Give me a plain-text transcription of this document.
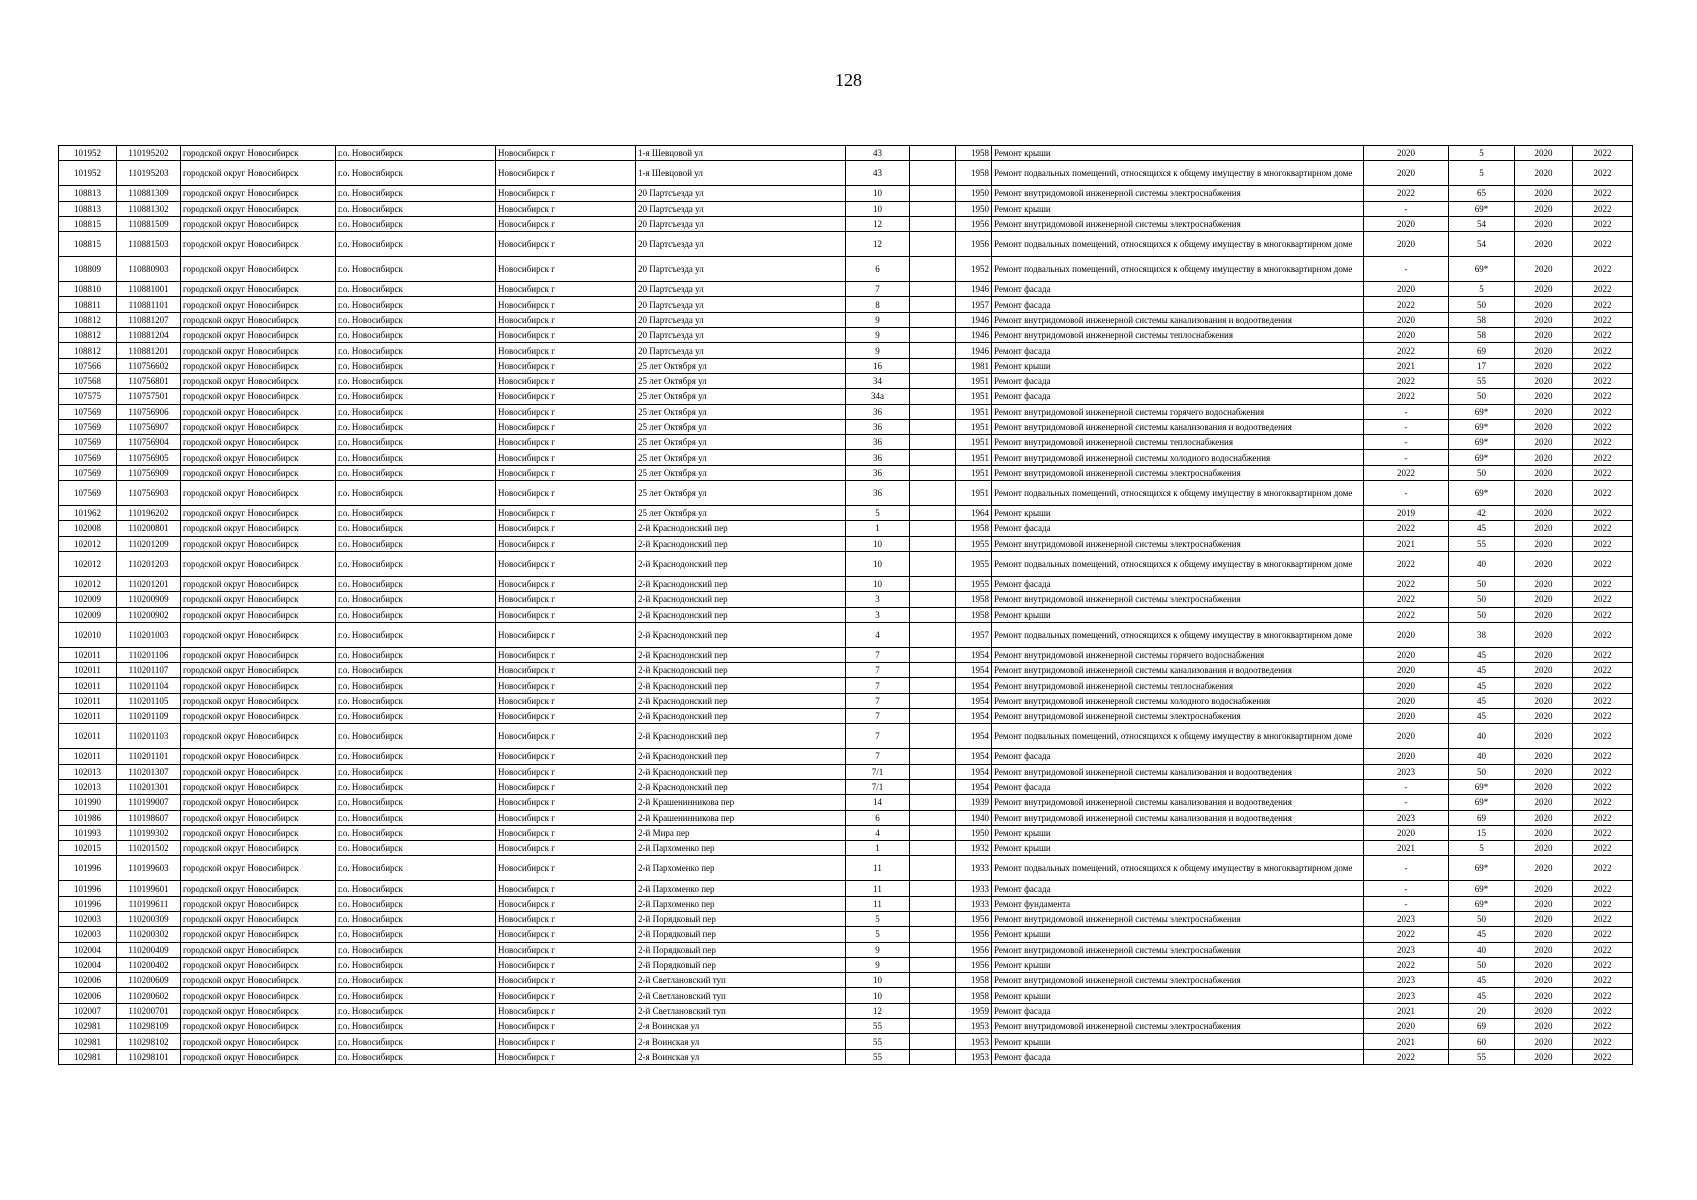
128
101952	110195202	городской округ Новосибирск	г.о. Новосибирск	Новосибирск г	1-я Шевцовой ул	43		1958	Ремонт крыши	2020	5	2020	2022
101952	110195203	городской округ Новосибирск	г.о. Новосибирск	Новосибирск г	1-я Шевцовой ул	43		1958	Ремонт подвальных помещений, относящихся к общему имуществу в многоквартирном доме	2020	5	2020	2022
108813	110881309	городской округ Новосибирск	г.о. Новосибирск	Новосибирск г	20 Партсъезда ул	10		1950	Ремонт внутридомовой инженерной системы электроснабжения	2022	65	2020	2022
108813	110881302	городской округ Новосибирск	г.о. Новосибирск	Новосибирск г	20 Партсъезда ул	10		1950	Ремонт крыши	-	69*	2020	2022
108815	110881509	городской округ Новосибирск	г.о. Новосибирск	Новосибирск г	20 Партсъезда ул	12		1956	Ремонт внутридомовой инженерной системы электроснабжения	2020	54	2020	2022
108815	110881503	городской округ Новосибирск	г.о. Новосибирск	Новосибирск г	20 Партсъезда ул	12		1956	Ремонт подвальных помещений, относящихся к общему имуществу в многоквартирном доме	2020	54	2020	2022
108809	110880903	городской округ Новосибирск	г.о. Новосибирск	Новосибирск г	20 Партсъезда ул	6		1952	Ремонт подвальных помещений, относящихся к общему имуществу в многоквартирном доме	-	69*	2020	2022
108810	110881001	городской округ Новосибирск	г.о. Новосибирск	Новосибирск г	20 Партсъезда ул	7		1946	Ремонт фасада	2020	5	2020	2022
108811	110881101	городской округ Новосибирск	г.о. Новосибирск	Новосибирск г	20 Партсъезда ул	8		1957	Ремонт фасада	2022	50	2020	2022
108812	110881207	городской округ Новосибирск	г.о. Новосибирск	Новосибирск г	20 Партсъезда ул	9		1946	Ремонт внутридомовой инженерной системы канализования и водоотведения	2020	58	2020	2022
108812	110881204	городской округ Новосибирск	г.о. Новосибирск	Новосибирск г	20 Партсъезда ул	9		1946	Ремонт внутридомовой инженерной системы теплоснабжения	2020	58	2020	2022
108812	110881201	городской округ Новосибирск	г.о. Новосибирск	Новосибирск г	20 Партсъезда ул	9		1946	Ремонт фасада	2022	69	2020	2022
107566	110756602	городской округ Новосибирск	г.о. Новосибирск	Новосибирск г	25 лет Октября ул	16		1981	Ремонт крыши	2021	17	2020	2022
107568	110756801	городской округ Новосибирск	г.о. Новосибирск	Новосибирск г	25 лет Октября ул	34		1951	Ремонт фасада	2022	55	2020	2022
107575	110757501	городской округ Новосибирск	г.о. Новосибирск	Новосибирск г	25 лет Октября ул	34а		1951	Ремонт фасада	2022	50	2020	2022
107569	110756906	городской округ Новосибирск	г.о. Новосибирск	Новосибирск г	25 лет Октября ул	36		1951	Ремонт внутридомовой инженерной системы горячего водоснабжения	-	69*	2020	2022
107569	110756907	городской округ Новосибирск	г.о. Новосибирск	Новосибирск г	25 лет Октября ул	36		1951	Ремонт внутридомовой инженерной системы канализования и водоотведения	-	69*	2020	2022
107569	110756904	городской округ Новосибирск	г.о. Новосибирск	Новосибирск г	25 лет Октября ул	36		1951	Ремонт внутридомовой инженерной системы теплоснабжения	-	69*	2020	2022
107569	110756905	городской округ Новосибирск	г.о. Новосибирск	Новосибирск г	25 лет Октября ул	36		1951	Ремонт внутридомовой инженерной системы холодного водоснабжения	-	69*	2020	2022
107569	110756909	городской округ Новосибирск	г.о. Новосибирск	Новосибирск г	25 лет Октября ул	36		1951	Ремонт внутридомовой инженерной системы электроснабжения	2022	50	2020	2022
107569	110756903	городской округ Новосибирск	г.о. Новосибирск	Новосибирск г	25 лет Октября ул	36		1951	Ремонт подвальных помещений, относящихся к общему имуществу в многоквартирном доме	-	69*	2020	2022
101962	110196202	городской округ Новосибирск	г.о. Новосибирск	Новосибирск г	25 лет Октября ул	5		1964	Ремонт крыши	2019	42	2020	2022
102008	110200801	городской округ Новосибирск	г.о. Новосибирск	Новосибирск г	2-й Краснодонский пер	1		1958	Ремонт фасада	2022	45	2020	2022
102012	110201209	городской округ Новосибирск	г.о. Новосибирск	Новосибирск г	2-й Краснодонский пер	10		1955	Ремонт внутридомовой инженерной системы электроснабжения	2021	55	2020	2022
102012	110201203	городской округ Новосибирск	г.о. Новосибирск	Новосибирск г	2-й Краснодонский пер	10		1955	Ремонт подвальных помещений, относящихся к общему имуществу в многоквартирном доме	2022	40	2020	2022
102012	110201201	городской округ Новосибирск	г.о. Новосибирск	Новосибирск г	2-й Краснодонский пер	10		1955	Ремонт фасада	2022	50	2020	2022
102009	110200909	городской округ Новосибирск	г.о. Новосибирск	Новосибирск г	2-й Краснодонский пер	3		1958	Ремонт внутридомовой инженерной системы электроснабжения	2022	50	2020	2022
102009	110200902	городской округ Новосибирск	г.о. Новосибирск	Новосибирск г	2-й Краснодонский пер	3		1958	Ремонт крыши	2022	50	2020	2022
102010	110201003	городской округ Новосибирск	г.о. Новосибирск	Новосибирск г	2-й Краснодонский пер	4		1957	Ремонт подвальных помещений, относящихся к общему имуществу в многоквартирном доме	2020	38	2020	2022
102011	110201106	городской округ Новосибирск	г.о. Новосибирск	Новосибирск г	2-й Краснодонский пер	7		1954	Ремонт внутридомовой инженерной системы горячего водоснабжения	2020	45	2020	2022
102011	110201107	городской округ Новосибирск	г.о. Новосибирск	Новосибирск г	2-й Краснодонский пер	7		1954	Ремонт внутридомовой инженерной системы канализования и водоотведения	2020	45	2020	2022
102011	110201104	городской округ Новосибирск	г.о. Новосибирск	Новосибирск г	2-й Краснодонский пер	7		1954	Ремонт внутридомовой инженерной системы теплоснабжения	2020	45	2020	2022
102011	110201105	городской округ Новосибирск	г.о. Новосибирск	Новосибирск г	2-й Краснодонский пер	7		1954	Ремонт внутридомовой инженерной системы холодного водоснабжения	2020	45	2020	2022
102011	110201109	городской округ Новосибирск	г.о. Новосибирск	Новосибирск г	2-й Краснодонский пер	7		1954	Ремонт внутридомовой инженерной системы электроснабжения	2020	45	2020	2022
102011	110201103	городской округ Новосибирск	г.о. Новосибирск	Новосибирск г	2-й Краснодонский пер	7		1954	Ремонт подвальных помещений, относящихся к общему имуществу в многоквартирном доме	2020	40	2020	2022
102011	110201101	городской округ Новосибирск	г.о. Новосибирск	Новосибирск г	2-й Краснодонский пер	7		1954	Ремонт фасада	2020	40	2020	2022
102013	110201307	городской округ Новосибирск	г.о. Новосибирск	Новосибирск г	2-й Краснодонский пер	7/1		1954	Ремонт внутридомовой инженерной системы канализования и водоотведения	2023	50	2020	2022
102013	110201301	городской округ Новосибирск	г.о. Новосибирск	Новосибирск г	2-й Краснодонский пер	7/1		1954	Ремонт фасада	-	69*	2020	2022
101990	110199007	городской округ Новосибирск	г.о. Новосибирск	Новосибирск г	2-й Крашенинникова пер	14		1939	Ремонт внутридомовой инженерной системы канализования и водоотведения	-	69*	2020	2022
101986	110198607	городской округ Новосибирск	г.о. Новосибирск	Новосибирск г	2-й Крашенинникова пер	6		1940	Ремонт внутридомовой инженерной системы канализования и водоотведения	2023	69	2020	2022
101993	110199302	городской округ Новосибирск	г.о. Новосибирск	Новосибирск г	2-й Мира пер	4		1950	Ремонт крыши	2020	15	2020	2022
102015	110201502	городской округ Новосибирск	г.о. Новосибирск	Новосибирск г	2-й Пархоменко пер	1		1932	Ремонт крыши	2021	5	2020	2022
101996	110199603	городской округ Новосибирск	г.о. Новосибирск	Новосибирск г	2-й Пархоменко пер	11		1933	Ремонт подвальных помещений, относящихся к общему имуществу в многоквартирном доме	-	69*	2020	2022
101996	110199601	городской округ Новосибирск	г.о. Новосибирск	Новосибирск г	2-й Пархоменко пер	11		1933	Ремонт фасада	-	69*	2020	2022
101996	110199611	городской округ Новосибирск	г.о. Новосибирск	Новосибирск г	2-й Пархоменко пер	11		1933	Ремонт фундамента	-	69*	2020	2022
102003	110200309	городской округ Новосибирск	г.о. Новосибирск	Новосибирск г	2-й Порядковый пер	5		1956	Ремонт внутридомовой инженерной системы электроснабжения	2023	50	2020	2022
102003	110200302	городской округ Новосибирск	г.о. Новосибирск	Новосибирск г	2-й Порядковый пер	5		1956	Ремонт крыши	2022	45	2020	2022
102004	110200409	городской округ Новосибирск	г.о. Новосибирск	Новосибирск г	2-й Порядковый пер	9		1956	Ремонт внутридомовой инженерной системы электроснабжения	2023	40	2020	2022
102004	110200402	городской округ Новосибирск	г.о. Новосибирск	Новосибирск г	2-й Порядковый пер	9		1956	Ремонт крыши	2022	50	2020	2022
102006	110200609	городской округ Новосибирск	г.о. Новосибирск	Новосибирск г	2-й Светлановский туп	10		1958	Ремонт внутридомовой инженерной системы электроснабжения	2023	45	2020	2022
102006	110200602	городской округ Новосибирск	г.о. Новосибирск	Новосибирск г	2-й Светлановский туп	10		1958	Ремонт крыши	2023	45	2020	2022
102007	110200701	городской округ Новосибирск	г.о. Новосибирск	Новосибирск г	2-й Светлановский туп	12		1959	Ремонт фасада	2021	20	2020	2022
102981	110298109	городской округ Новосибирск	г.о. Новосибирск	Новосибирск г	2-я Воинская ул	55		1953	Ремонт внутридомовой инженерной системы электроснабжения	2020	69	2020	2022
102981	110298102	городской округ Новосибирск	г.о. Новосибирск	Новосибирск г	2-я Воинская ул	55		1953	Ремонт крыши	2021	60	2020	2022
102981	110298101	городской округ Новосибирск	г.о. Новосибирск	Новосибирск г	2-я Воинская ул	55		1953	Ремонт фасада	2022	55	2020	2022
